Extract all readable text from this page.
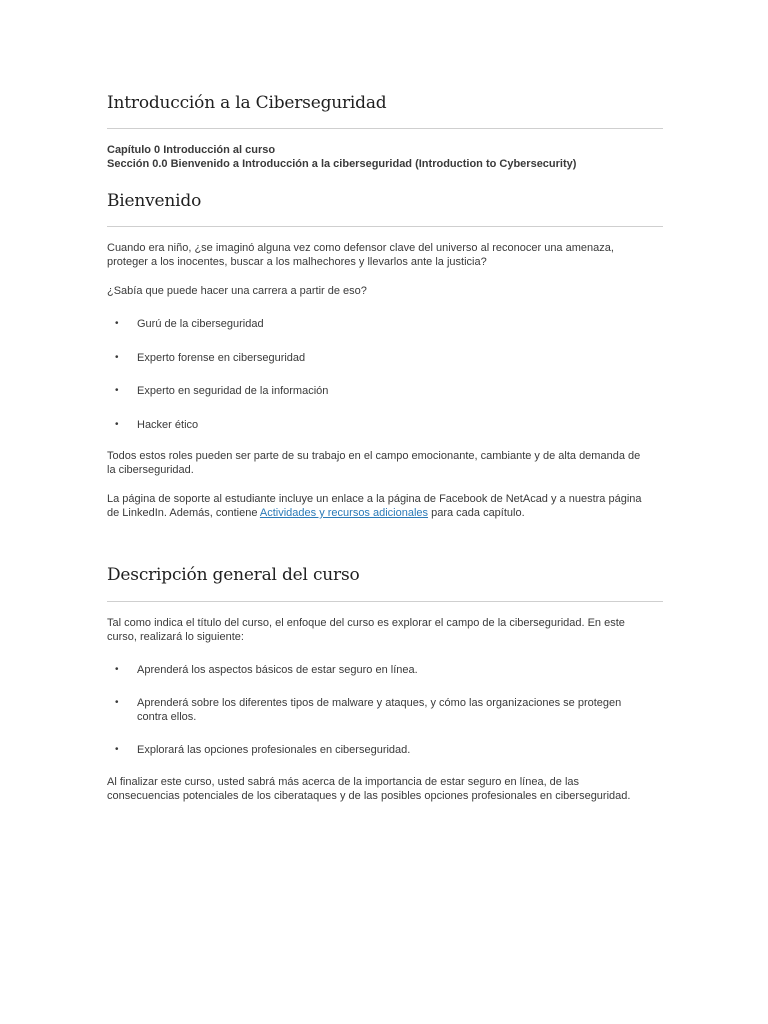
Introducción a la Ciberseguridad
Capítulo 0 Introducción al curso
Sección 0.0 Bienvenido a Introducción a la ciberseguridad (Introduction to Cybersecurity)
Bienvenido

Cuando era niño, ¿se imaginó alguna vez como defensor clave del universo al reconocer una amenaza,

proteger a los inocentes, buscar a los malhechores y llevarlos ante la justicia?

¿Sabía que puede hacer una carrera a partir de eso?

• Gurú de la ciberseguridad
• Experto forense en ciberseguridad
• Experto en seguridad de la información
• Hacker ético

Todos estos roles pueden ser parte de su trabajo en el campo emocionante, cambiante y de alta demanda de

la ciberseguridad.

La página de soporte al estudiante incluye un enlace a la página de Facebook de NetAcad y a nuestra página

de LinkedIn. Además, contiene Actividades y recursos adicionales para cada capítulo.

Descripción general del curso

Tal como indica el título del curso, el enfoque del curso es explorar el campo de la ciberseguridad. En este

curso, realizará lo siguiente:

• Aprenderá los aspectos básicos de estar seguro en línea.
• Aprenderá sobre los diferentes tipos de malware y ataques, y cómo las organizaciones se protegen
contra ellos.
• Explorará las opciones profesionales en ciberseguridad.

Al finalizar este curso, usted sabrá más acerca de la importancia de estar seguro en línea, de las

consecuencias potenciales de los ciberataques y de las posibles opciones profesionales en ciberseguridad.
